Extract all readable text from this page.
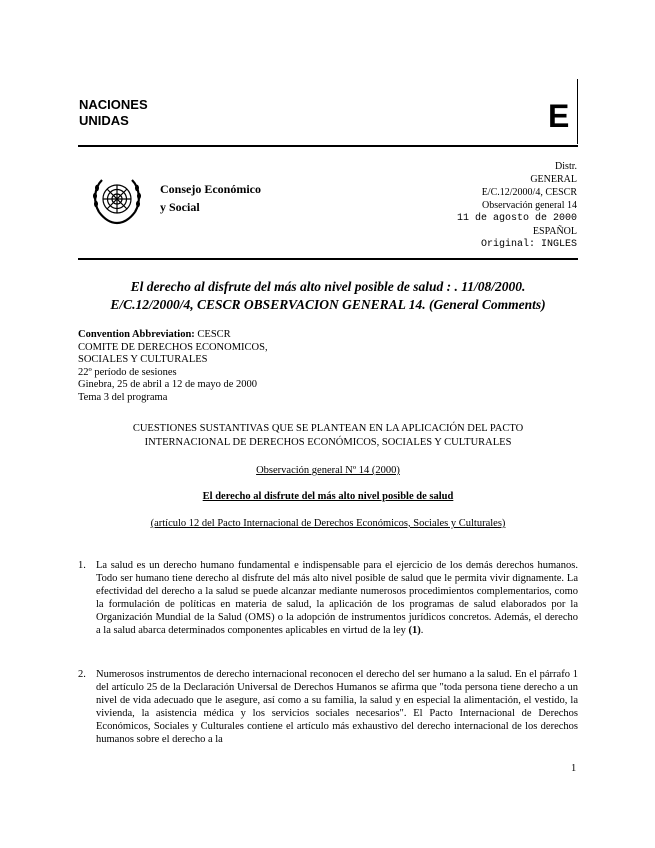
NACIONES
UNIDAS	E
Consejo Económico
y Social
Distr.
GENERAL
E/C.12/2000/4, CESCR
Observación general 14
11 de agosto de 2000
ESPAÑOL
Original: INGLES
El derecho al disfrute del más alto nivel posible de salud : . 11/08/2000.
E/C.12/2000/4, CESCR OBSERVACION GENERAL 14. (General Comments)
Convention Abbreviation: CESCR
COMITE DE DERECHOS ECONOMICOS,
SOCIALES Y CULTURALES
22º período de sesiones
Ginebra, 25 de abril a 12 de mayo de 2000
Tema 3 del programa
CUESTIONES SUSTANTIVAS QUE SE PLANTEAN EN LA APLICACIÓN DEL PACTO
INTERNACIONAL DE DERECHOS ECONÓMICOS, SOCIALES Y CULTURALES
Observación general Nº 14 (2000)
El derecho al disfrute del más alto nivel posible de salud
(artículo 12 del Pacto Internacional de Derechos Económicos, Sociales y Culturales)
1. La salud es un derecho humano fundamental e indispensable para el ejercicio de los demás derechos humanos. Todo ser humano tiene derecho al disfrute del más alto nivel posible de salud que le permita vivir dignamente. La efectividad del derecho a la salud se puede alcanzar mediante numerosos procedimientos complementarios, como la formulación de políticas en materia de salud, la aplicación de los programas de salud elaborados por la Organización Mundial de la Salud (OMS) o la adopción de instrumentos jurídicos concretos. Además, el derecho a la salud abarca determinados componentes aplicables en virtud de la ley (1).
2. Numerosos instrumentos de derecho internacional reconocen el derecho del ser humano a la salud. En el párrafo 1 del artículo 25 de la Declaración Universal de Derechos Humanos se afirma que "toda persona tiene derecho a un nivel de vida adecuado que le asegure, así como a su familia, la salud y en especial la alimentación, el vestido, la vivienda, la asistencia médica y los servicios sociales necesarios". El Pacto Internacional de Derechos Económicos, Sociales y Culturales contiene el artículo más exhaustivo del derecho internacional de los derechos humanos sobre el derecho a la
1
